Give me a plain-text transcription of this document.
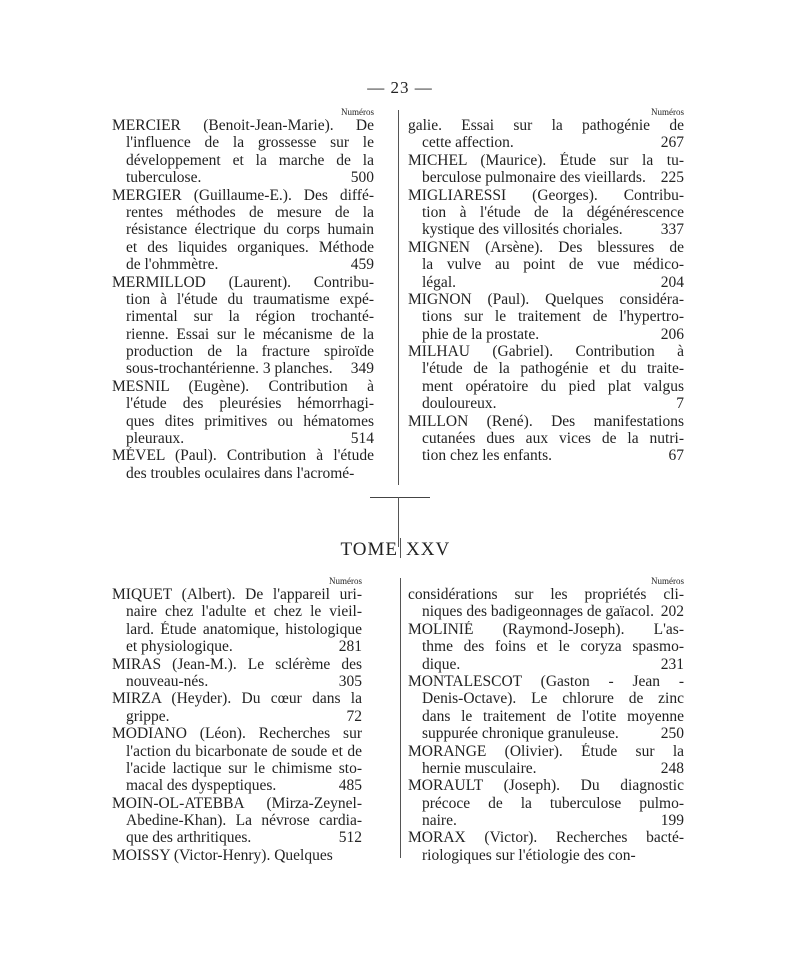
— 23 —
Numéros
MERCIER (Benoit-Jean-Marie). De
l'influence de la grossesse sur le
développement et la marche de la
tuberculose.	500
MERGIER (Guillaume-E.). Des diffé-
rentes méthodes de mesure de la
résistance électrique du corps humain
et des liquides organiques. Méthode
de l'ohmmètre.	459
MERMILLOD (Laurent). Contribu-
tion à l'étude du traumatisme expé-
rimental sur la région trochanté-
rienne. Essai sur le mécanisme de la
production de la fracture spiroïde
sous-trochantérienne. 3 planches.	349
MESNIL (Eugène). Contribution à
l'étude des pleurésies hémorrhagi-
ques dites primitives ou hématomes
pleuraux.	514
MÉVEL (Paul). Contribution à l'étude
des troubles oculaires dans l'acromé-
Numéros
galie. Essai sur la pathogénie de
cette affection.	267
MICHEL (Maurice). Étude sur la tu-
berculose pulmonaire des vieillards. 225
MIGLIARESSI (Georges). Contribu-
tion à l'étude de la dégénérescence
kystique des villosités choriales.	337
MIGNEN (Arsène). Des blessures de
la vulve au point de vue médico-
légal.	204
MIGNON (Paul). Quelques considéra-
tions sur le traitement de l'hypertro-
phie de la prostate.	206
MILHAU (Gabriel). Contribution à
l'étude de la pathogénie et du traite-
ment opératoire du pied plat valgus
douloureux.	7
MILLON (René). Des manifestations
cutanées dues aux vices de la nutri-
tion chez les enfants.	67
TOME XXV
Numéros
MIQUET (Albert). De l'appareil uri-
naire chez l'adulte et chez le vieil-
lard. Étude anatomique, histologique
et physiologique.	281
MIRAS (Jean-M.). Le sclérème des
nouveau-nés.	305
MIRZA (Heyder). Du cœur dans la
grippe.	72
MODIANO (Léon). Recherches sur
l'action du bicarbonate de soude et de
l'acide lactique sur le chimisme sto-
macal des dyspeptiques.	485
MOIN-OL-ATEBBA (Mirza-Zeynel-
Abedine-Khan). La névrose cardia-
que des arthritiques.	512
MOISSY (Victor-Henry). Quelques
Numéros
considérations sur les propriétés cli-
niques des badigeonnages de gaïacol. 202
MOLINIÉ (Raymond-Joseph). L'as-
thme des foins et le coryza spasmo-
dique.	231
MONTALESCOT (Gaston - Jean -
Denis-Octave). Le chlorure de zinc
dans le traitement de l'otite moyenne
suppurée chronique granuleuse.	250
MORANGE (Olivier). Étude sur la
hernie musculaire.	248
MORAULT (Joseph). Du diagnostic
précoce de la tuberculose pulmo-
naire.	199
MORAX (Victor). Recherches bacté-
riologiques sur l'étiologie des con-
